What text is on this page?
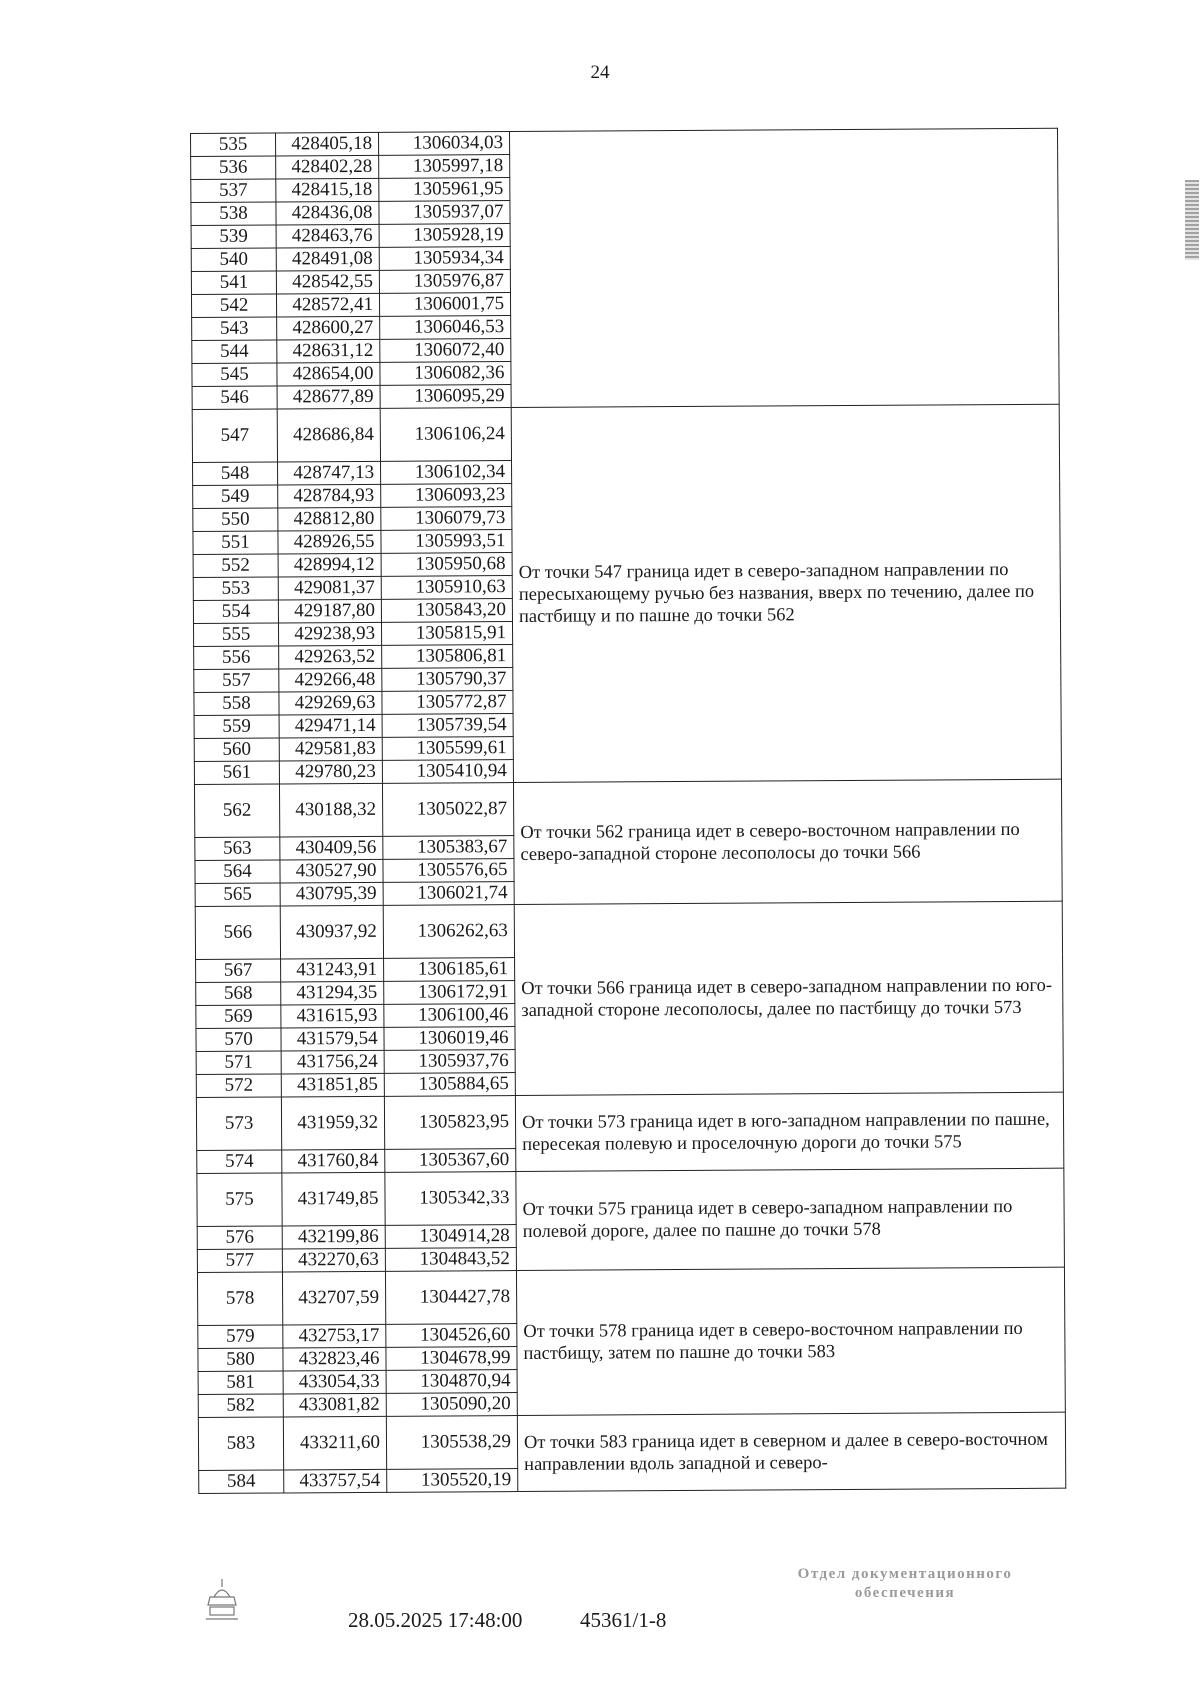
24
535	428405,18	1306034,03	
536	428402,28	1305997,18	
537	428415,18	1305961,95	
538	428436,08	1305937,07	
539	428463,76	1305928,19	
540	428491,08	1305934,34	
541	428542,55	1305976,87	
542	428572,41	1306001,75	
543	428600,27	1306046,53	
544	428631,12	1306072,40	
545	428654,00	1306082,36	
546	428677,89	1306095,29	
547	428686,84	1306106,24	От точки 547 граница идет в северо-западном направлении по пересыхающему ручью без названия, вверх по течению, далее по пастбищу и по пашне до точки 562
548	428747,13	1306102,34	
549	428784,93	1306093,23	
550	428812,80	1306079,73	
551	428926,55	1305993,51	
552	428994,12	1305950,68	
553	429081,37	1305910,63	
554	429187,80	1305843,20	
555	429238,93	1305815,91	
556	429263,52	1305806,81	
557	429266,48	1305790,37	
558	429269,63	1305772,87	
559	429471,14	1305739,54	
560	429581,83	1305599,61	
561	429780,23	1305410,94	
562	430188,32	1305022,87	От точки 562 граница идет в северо-восточном направлении по северо-западной стороне лесополосы до точки 566
563	430409,56	1305383,67	
564	430527,90	1305576,65	
565	430795,39	1306021,74	
566	430937,92	1306262,63	От точки 566 граница идет в северо-западном направлении по юго-западной стороне лесополосы, далее по пастбищу до точки 573
567	431243,91	1306185,61	
568	431294,35	1306172,91	
569	431615,93	1306100,46	
570	431579,54	1306019,46	
571	431756,24	1305937,76	
572	431851,85	1305884,65	
573	431959,32	1305823,95	От точки 573 граница идет в юго-западном направлении по пашне, пересекая полевую и проселочную дороги до точки 575
574	431760,84	1305367,60	
575	431749,85	1305342,33	От точки 575 граница идет в северо-западном направлении по полевой дороге, далее по пашне до точки 578
576	432199,86	1304914,28	
577	432270,63	1304843,52	
578	432707,59	1304427,78	От точки 578 граница идет в северо-восточном направлении по пастбищу, затем по пашне до точки 583
579	432753,17	1304526,60	
580	432823,46	1304678,99	
581	433054,33	1304870,94	
582	433081,82	1305090,20	
583	433211,60	1305538,29	От точки 583 граница идет в северном и далее в северо-восточном направлении вдоль западной и северо-
584	433757,54	1305520,19	
28.05.2025 17:48:00	45361/1-8
Отдел документационного
обеспечения
